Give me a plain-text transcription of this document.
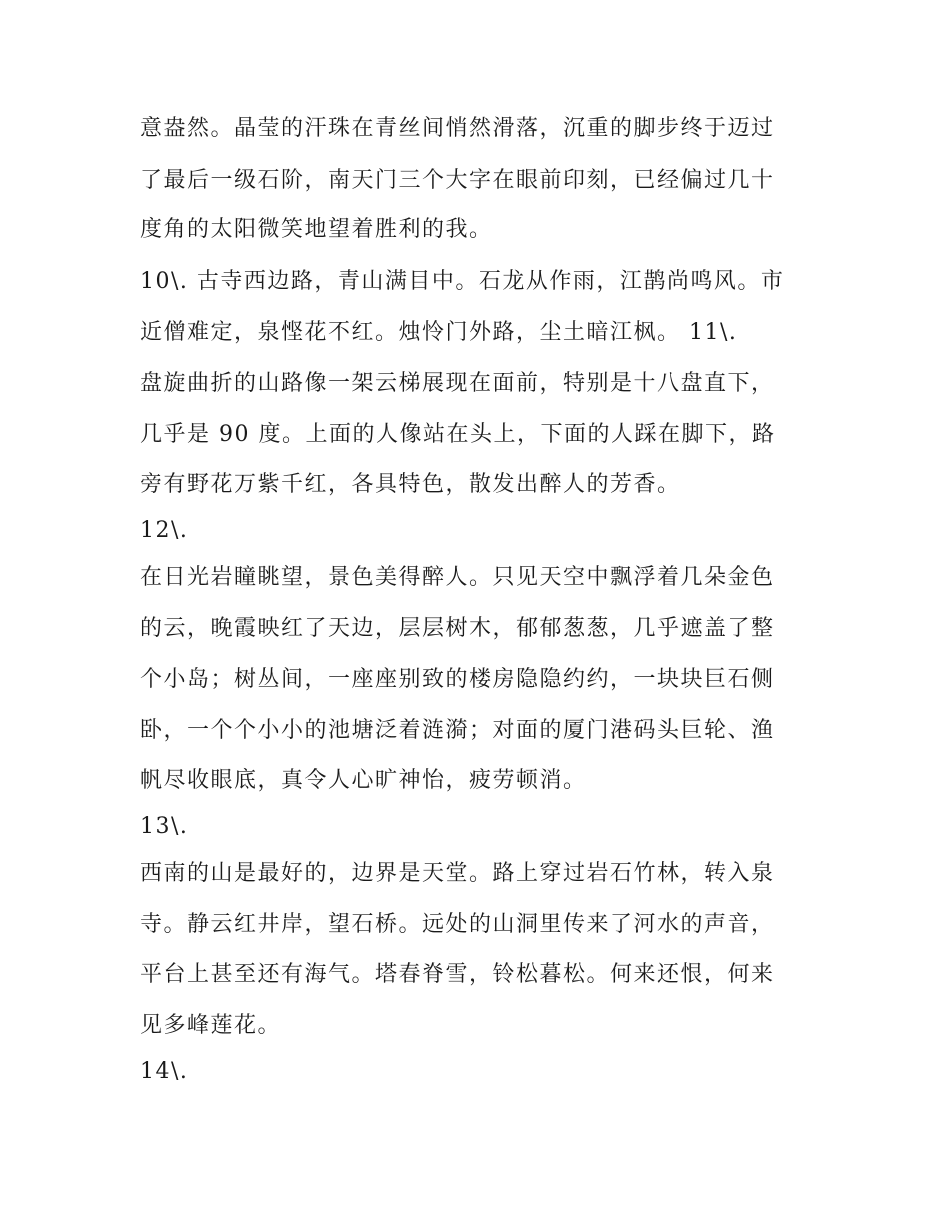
意盎然。晶莹的汗珠在青丝间悄然滑落，沉重的脚步终于迈过
了最后一级石阶，南天门三个大字在眼前印刻，已经偏过几十
度角的太阳微笑地望着胜利的我。
10\. 古寺西边路，青山满目中。石龙从作雨，江鹊尚鸣风。市
近僧难定，泉悭花不红。烛怜门外路，尘土暗江枫。 11\.
盘旋曲折的山路像一架云梯展现在面前，特别是十八盘直下，
几乎是 90 度。上面的人像站在头上，下面的人踩在脚下，路
旁有野花万紫千红，各具特色，散发出醉人的芳香。
12\.
在日光岩瞳眺望，景色美得醉人。只见天空中飘浮着几朵金色
的云，晚霞映红了天边，层层树木，郁郁葱葱，几乎遮盖了整
个小岛；树丛间，一座座别致的楼房隐隐约约，一块块巨石侧
卧，一个个小小的池塘泛着涟漪；对面的厦门港码头巨轮、渔
帆尽收眼底，真令人心旷神怡，疲劳顿消。
13\.
西南的山是最好的，边界是天堂。路上穿过岩石竹林，转入泉
寺。静云红井岸，望石桥。远处的山洞里传来了河水的声音，
平台上甚至还有海气。塔春脊雪，铃松暮松。何来还恨，何来
见多峰莲花。
14\.
